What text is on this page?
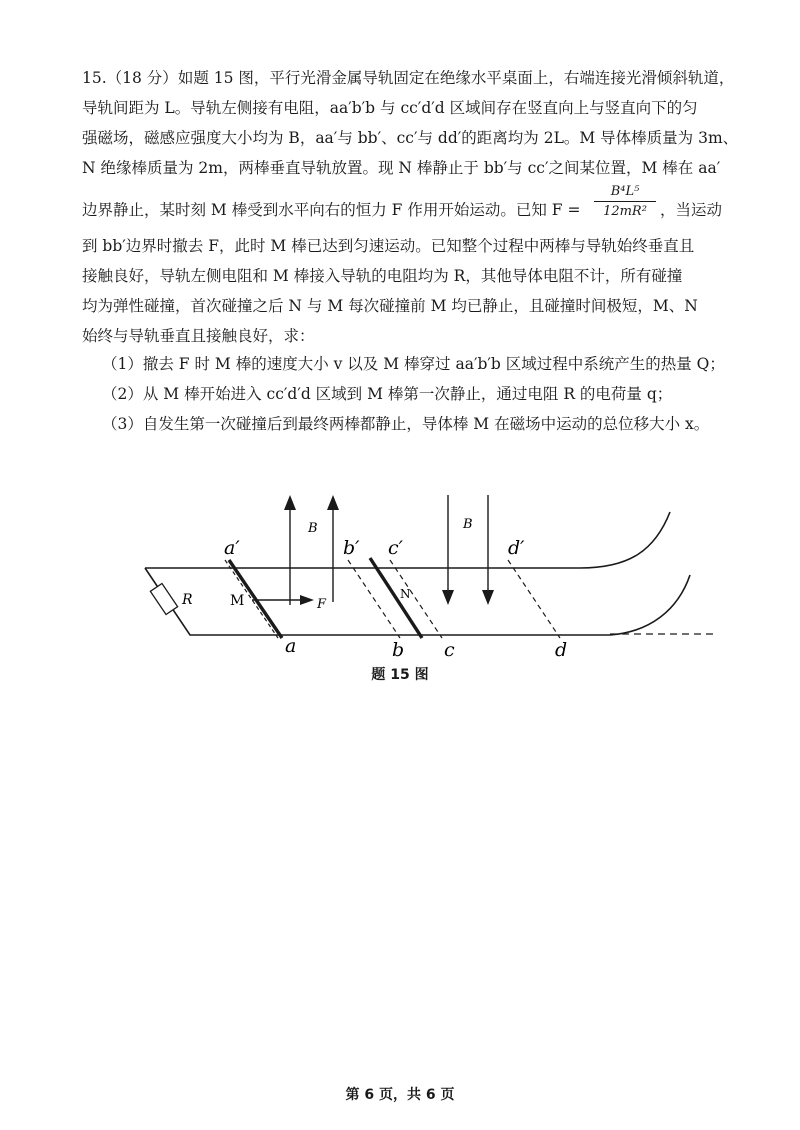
15.（18 分）如题 15 图，平行光滑金属导轨固定在绝缘水平桌面上，右端连接光滑倾斜轨道，
导轨间距为 L。导轨左侧接有电阻，aa′b′b 与 cc′d′d 区域间存在竖直向上与竖直向下的匀
强磁场，磁感应强度大小均为 B，aa′与 bb′、cc′与 dd′的距离均为 2L。M 导体棒质量为 3m、
N 绝缘棒质量为 2m，两棒垂直导轨放置。现 N 棒静止于 bb′与 cc′之间某位置，M 棒在 aa′
边界静止，某时刻 M 棒受到水平向右的恒力 F 作用开始运动。已知 F =	，当运动
到 bb′边界时撤去 F，此时 M 棒已达到匀速运动。已知整个过程中两棒与导轨始终垂直且
接触良好，导轨左侧电阻和 M 棒接入导轨的电阻均为 R，其他导体电阻不计，所有碰撞
均为弹性碰撞，首次碰撞之后 N 与 M 每次碰撞前 M 均已静止，且碰撞时间极短，M、N
始终与导轨垂直且接触良好，求：
B⁴L⁵
12mR²
（1）撤去 F 时 M 棒的速度大小 v 以及 M 棒穿过 aa′b′b 区域过程中系统产生的热量 Q；
（2）从 M 棒开始进入 cc′d′d 区域到 M 棒第一次静止，通过电阻 R 的电荷量 q；
（3）自发生第一次碰撞后到最终两棒都静止，导体棒 M 在磁场中运动的总位移大小 x。
R
B	B
F
M	N
a′	b′ c′	d′
a	b c	d
题 15 图
第 6 页，共 6 页
